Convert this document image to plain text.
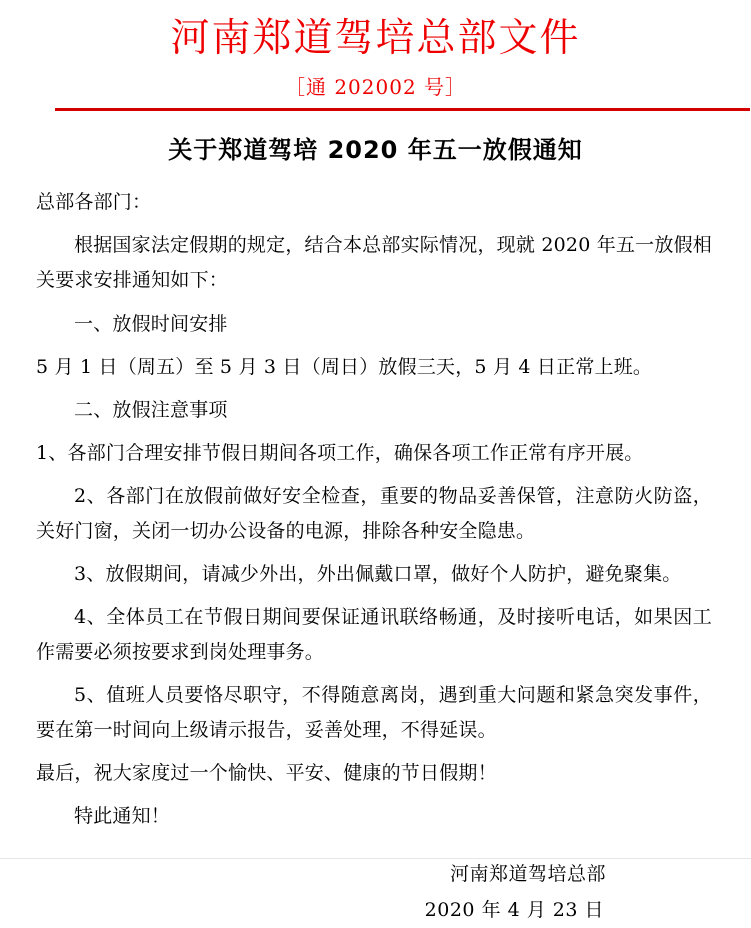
河南郑道驾培总部文件
［通 202002 号］
关于郑道驾培 2020 年五一放假通知

总部各部门：

根据国家法定假期的规定，结合本总部实际情况，现就 2020 年五一放假相关要求安排通知如下：

一、放假时间安排

5 月 1 日（周五）至 5 月 3 日（周日）放假三天，5 月 4 日正常上班。

二、放假注意事项

1、各部门合理安排节假日期间各项工作，确保各项工作正常有序开展。

2、各部门在放假前做好安全检查，重要的物品妥善保管，注意防火防盗，关好门窗，关闭一切办公设备的电源，排除各种安全隐患。

3、放假期间，请减少外出，外出佩戴口罩，做好个人防护，避免聚集。

4、全体员工在节假日期间要保证通讯联络畅通，及时接听电话，如果因工作需要必须按要求到岗处理事务。

5、值班人员要恪尽职守，不得随意离岗，遇到重大问题和紧急突发事件，要在第一时间向上级请示报告，妥善处理，不得延误。

最后，祝大家度过一个愉快、平安、健康的节日假期！

特此通知！

河南郑道驾培总部
2020 年 4 月 23 日
